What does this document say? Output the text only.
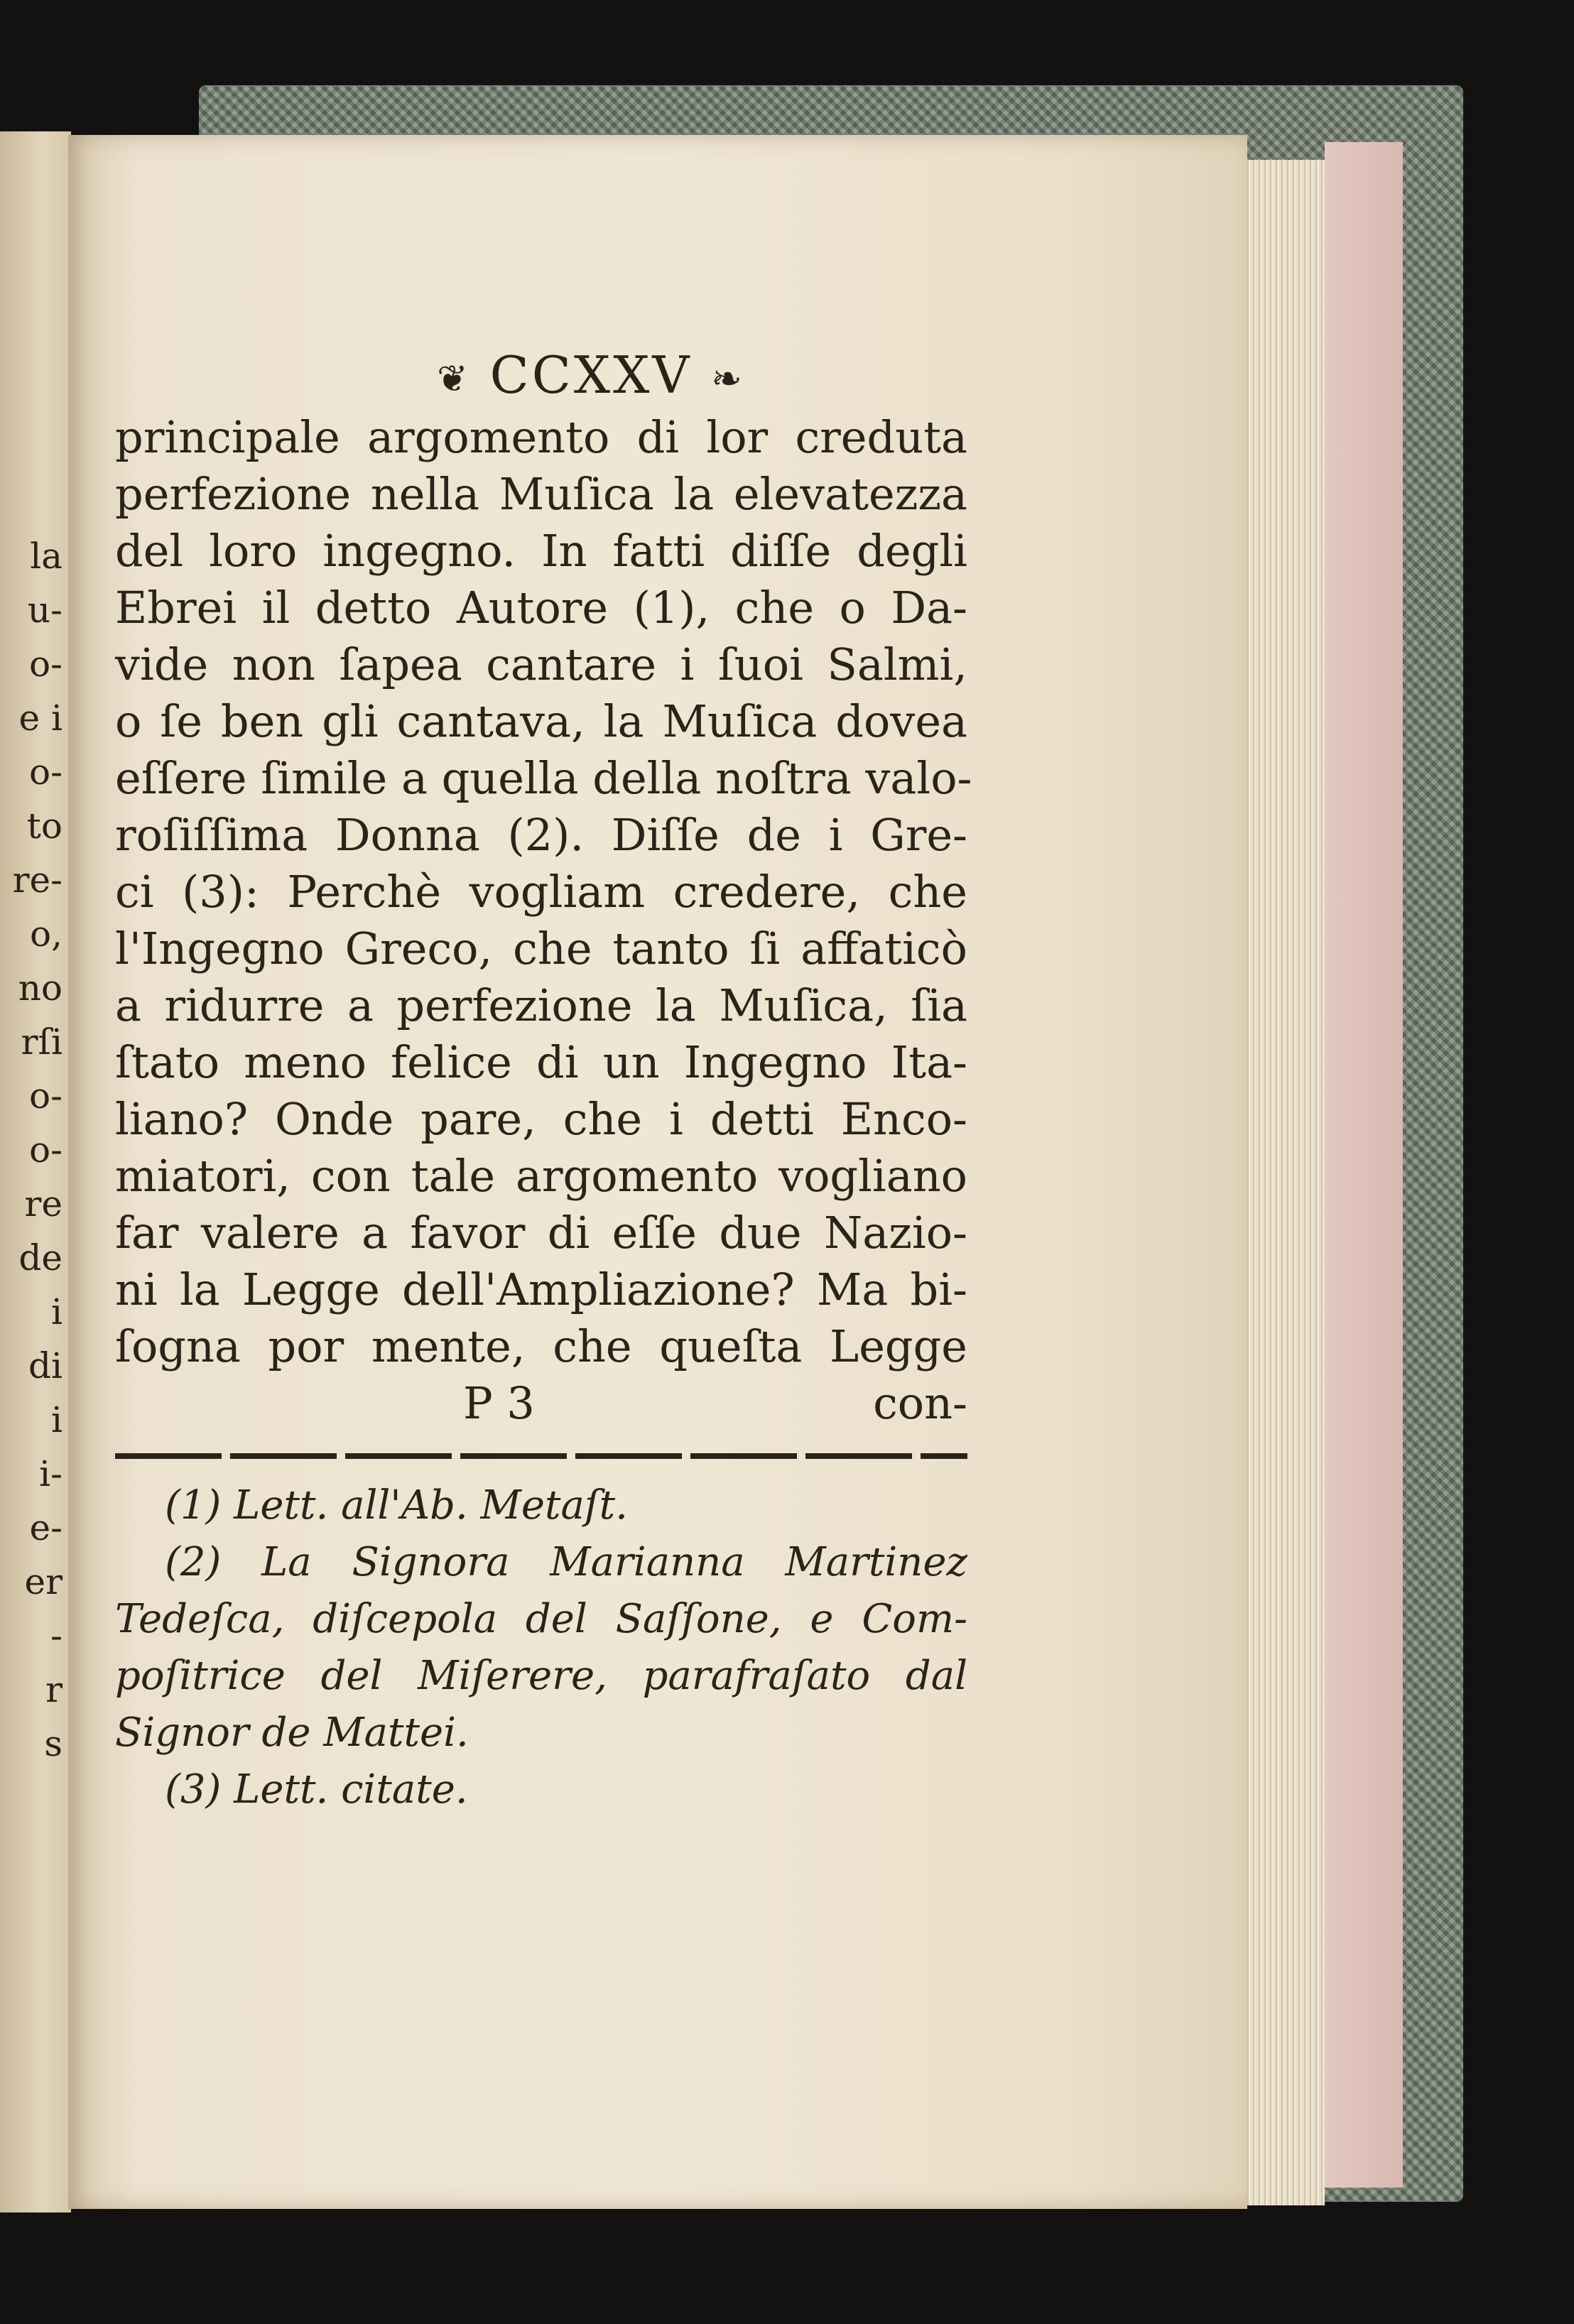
la
u-
o-
e i
o-
to
re-
o,
no
rſi
o-
o-
re
de
i
di
i
i-
e-
er
-
r
s
❦ CCXXV ❧
principale argomento di lor creduta
perfezione nella Muſica la elevatezza
del loro ingegno. In fatti diſſe degli
Ebrei il detto Autore (1), che o Da-
vide non ſapea cantare i ſuoi Salmi,
o ſe ben gli cantava, la Muſica dovea
eſſere ſimile a quella della noſtra valo-
roſiſſima Donna (2). Diſſe de i Gre-
ci (3): Perchè vogliam credere, che
l'Ingegno Greco, che tanto ſi affaticò
a ridurre a perfezione la Muſica, ſia
ſtato meno felice di un Ingegno Ita-
liano? Onde pare, che i detti Enco-
miatori, con tale argomento vogliano
far valere a favor di eſſe due Nazio-
ni la Legge dell'Ampliazione? Ma bi-
ſogna por mente, che queſta Legge
P 3	con-
(1) Lett. all'Ab. Metaſt.
(2) La Signora Marianna Martinez
Tedeſca, diſcepola del Saſſone, e Com-
poſitrice del Miſerere, parafraſato dal
Signor de Mattei.
(3) Lett. citate.
